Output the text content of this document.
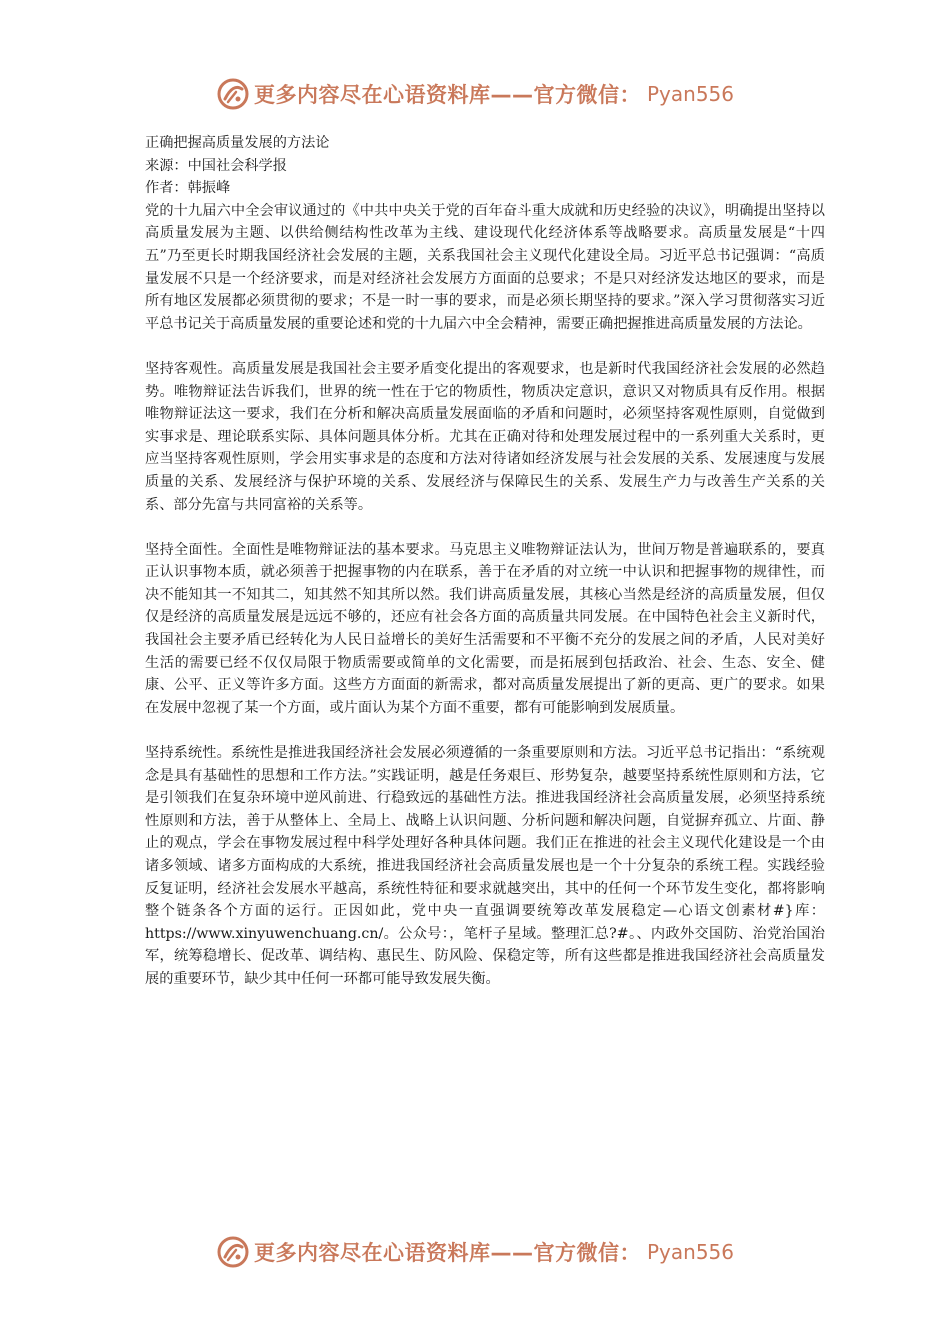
更多内容尽在心语资料库——官方微信： Pyan556

正确把握高质量发展的方法论

来源：中国社会科学报

作者：韩振峰

党的十九届六中全会审议通过的《中共中央关于党的百年奋斗重大成就和历史经验的决议》，明确提出坚持以高质量发展为主题、以供给侧结构性改革为主线、建设现代化经济体系等战略要求。高质量发展是“十四五”乃至更长时期我国经济社会发展的主题，关系我国社会主义现代化建设全局。习近平总书记强调：“高质量发展不只是一个经济要求，而是对经济社会发展方方面面的总要求；不是只对经济发达地区的要求，而是所有地区发展都必须贯彻的要求；不是一时一事的要求，而是必须长期坚持的要求。”深入学习贯彻落实习近平总书记关于高质量发展的重要论述和党的十九届六中全会精神，需要正确把握推进高质量发展的方法论。

坚持客观性。高质量发展是我国社会主要矛盾变化提出的客观要求，也是新时代我国经济社会发展的必然趋势。唯物辩证法告诉我们，世界的统一性在于它的物质性，物质决定意识，意识又对物质具有反作用。根据唯物辩证法这一要求，我们在分析和解决高质量发展面临的矛盾和问题时，必须坚持客观性原则，自觉做到实事求是、理论联系实际、具体问题具体分析。尤其在正确对待和处理发展过程中的一系列重大关系时，更应当坚持客观性原则，学会用实事求是的态度和方法对待诸如经济发展与社会发展的关系、发展速度与发展质量的关系、发展经济与保护环境的关系、发展经济与保障民生的关系、发展生产力与改善生产关系的关系、部分先富与共同富裕的关系等。

坚持全面性。全面性是唯物辩证法的基本要求。马克思主义唯物辩证法认为，世间万物是普遍联系的，要真正认识事物本质，就必须善于把握事物的内在联系，善于在矛盾的对立统一中认识和把握事物的规律性，而决不能知其一不知其二，知其然不知其所以然。我们讲高质量发展，其核心当然是经济的高质量发展，但仅仅是经济的高质量发展是远远不够的，还应有社会各方面的高质量共同发展。在中国特色社会主义新时代，我国社会主要矛盾已经转化为人民日益增长的美好生活需要和不平衡不充分的发展之间的矛盾，人民对美好生活的需要已经不仅仅局限于物质需要或简单的文化需要，而是拓展到包括政治、社会、生态、安全、健康、公平、正义等许多方面。这些方方面面的新需求，都对高质量发展提出了新的更高、更广的要求。如果在发展中忽视了某一个方面，或片面认为某个方面不重要，都有可能影响到发展质量。

坚持系统性。系统性是推进我国经济社会发展必须遵循的一条重要原则和方法。习近平总书记指出：“系统观念是具有基础性的思想和工作方法。”实践证明，越是任务艰巨、形势复杂，越要坚持系统性原则和方法，它是引领我们在复杂环境中逆风前进、行稳致远的基础性方法。推进我国经济社会高质量发展，必须坚持系统性原则和方法，善于从整体上、全局上、战略上认识问题、分析问题和解决问题，自觉摒弃孤立、片面、静止的观点，学会在事物发展过程中科学处理好各种具体问题。我们正在推进的社会主义现代化建设是一个由诸多领域、诸多方面构成的大系统，推进我国经济社会高质量发展也是一个十分复杂的系统工程。实践经验反复证明，经济社会发展水平越高，系统性特征和要求就越突出，其中的任何一个环节发生变化，都将影响整个链条各个方面的运行。正因如此，党中央一直强调要统筹改革发展稳定—心语文创素材#}库：https://www.xinyuwenchuang.cn/。公众号：，笔杆子星域。整理汇总?#。、内政外交国防、治党治国治军，统筹稳增长、促改革、调结构、惠民生、防风险、保稳定等，所有这些都是推进我国经济社会高质量发展的重要环节，缺少其中任何一环都可能导致发展失衡。

更多内容尽在心语资料库——官方微信： Pyan556
